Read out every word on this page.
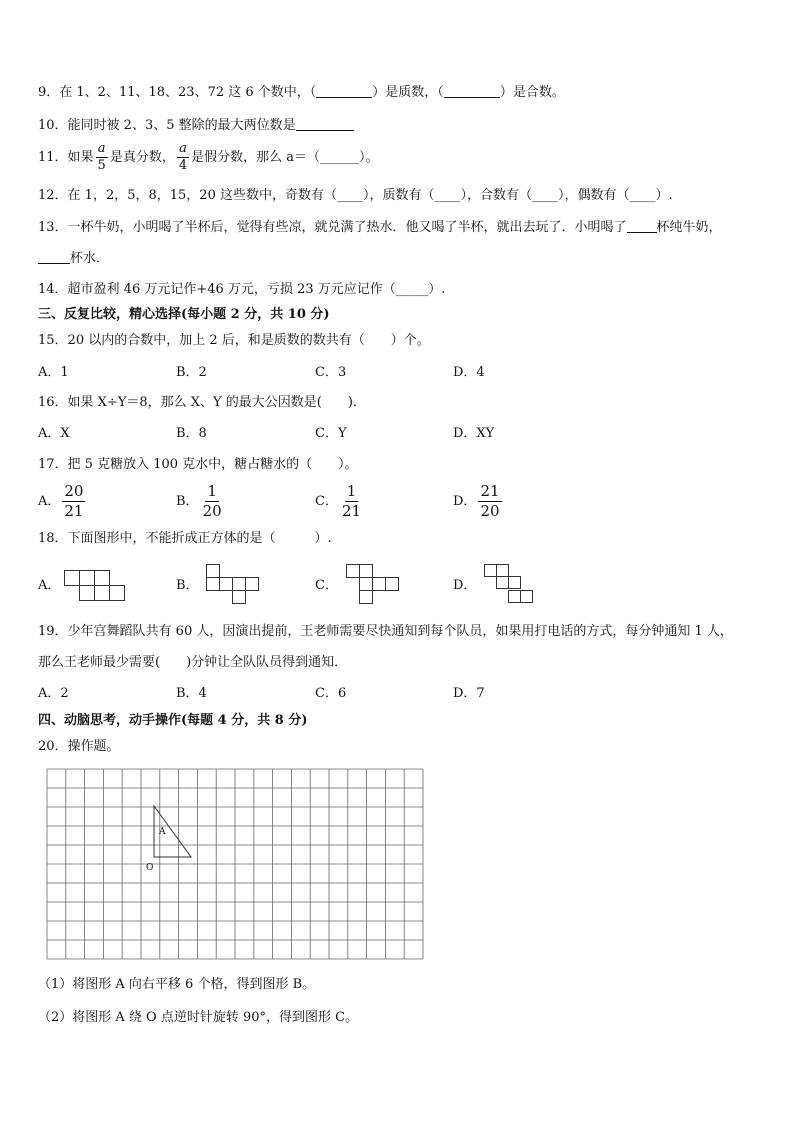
9．在 1、2、11、18、23、72 这 6 个数中，（	）是质数，（	）是合数。
10．能同时被 2、3、5 整除的最大两位数是
11．如果 $\frac{a}{5}$ 是真分数， $\frac{a}{4}$ 是假分数，那么 a＝（______）。
12．在 1，2，5，8，15，20 这些数中，奇数有（____），质数有（____），合数有（____），偶数有（____）.
13．一杯牛奶，小明喝了半杯后，觉得有些凉，就兑满了热水．他又喝了半杯，就出去玩了．小明喝了 杯纯牛奶，
杯水．
14．超市盈利 46 万元记作+46 万元，亏损 23 万元应记作（_____）.
三、反复比较，精心选择(每小题 2 分，共 10 分)
15．20 以内的合数中，加上 2 后，和是质数的数共有（　　）个。
A．1	B．2	C．3	D．4
16．如果 X÷Y＝8，那么 X、Y 的最大公因数是(　　)．
A．X	B．8	C．Y	D．XY
17．把 5 克糖放入 100 克水中，糖占糖水的（　　）。
A． $\frac{20}{21}$	B． $\frac{1}{20}$	C． $\frac{1}{21}$	D． $\frac{21}{20}$
18．下面图形中，不能折成正方体的是（　　　）.
A．	B．	C．	D．
19．少年宫舞蹈队共有 60 人，因演出提前，王老师需要尽快通知到每个队员，如果用打电话的方式，每分钟通知 1 人，
那么王老师最少需要(　　)分钟让全队队员得到通知．
A．2	B．4	C．6	D．7
四、动脑思考，动手操作(每题 4 分，共 8 分)
20．操作题。
A
O
（1）将图形 A 向右平移 6 个格，得到图形 B。
（2）将图形 A 绕 O 点逆时针旋转 90°，得到图形 C。
